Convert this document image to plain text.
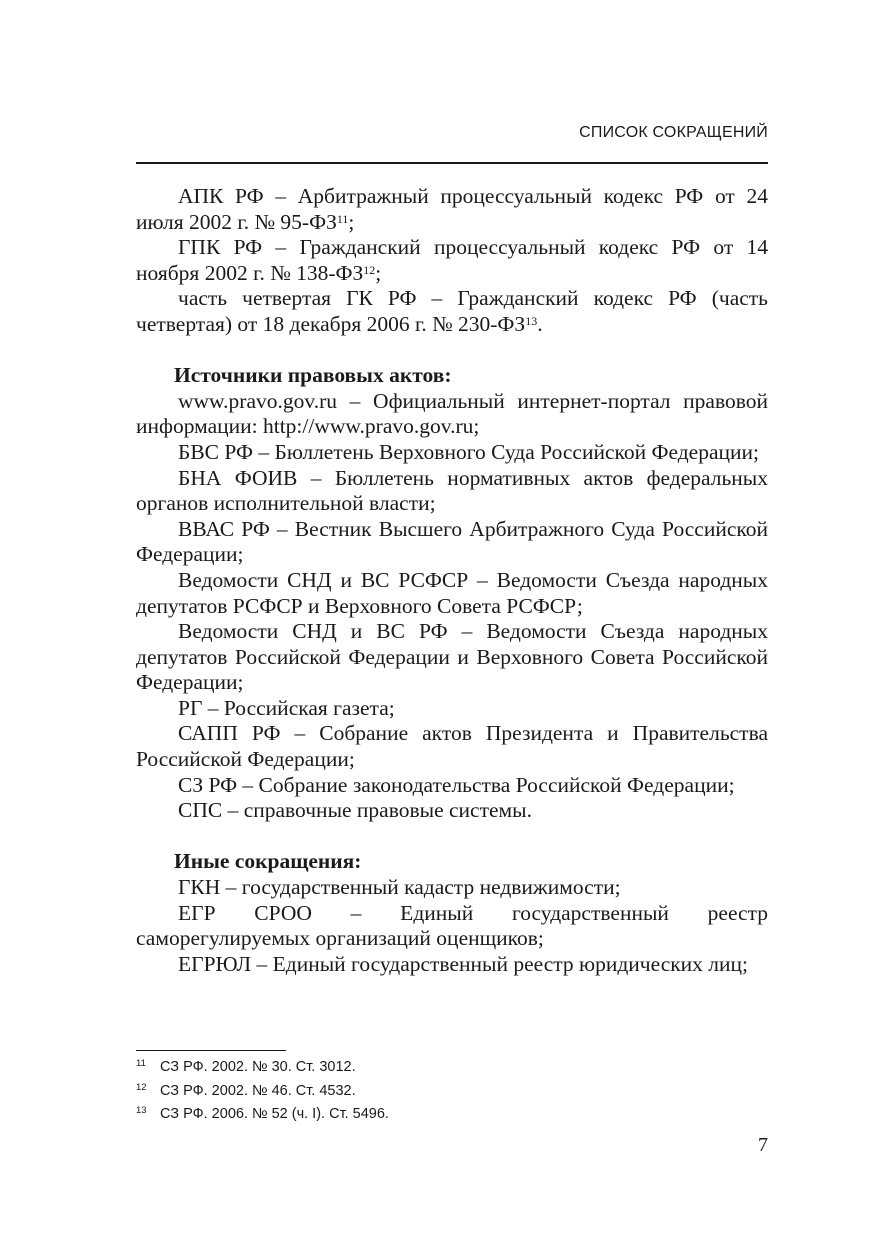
СПИСОК СОКРАЩЕНИЙ

АПК РФ – Арбитражный процессуальный кодекс РФ от 24 июля 2002 г. № 95-ФЗ$^{11}$;

ГПК РФ – Гражданский процессуальный кодекс РФ от 14 ноября 2002 г. № 138-ФЗ$^{12}$;

часть четвертая ГК РФ – Гражданский кодекс РФ (часть четвертая) от 18 декабря 2006 г. № 230-ФЗ$^{13}$.

Источники правовых актов:

www.pravo.gov.ru – Официальный интернет-портал правовой информации: http://www.pravo.gov.ru;

БВС РФ – Бюллетень Верховного Суда Российской Федерации;

БНА ФОИВ – Бюллетень нормативных актов федеральных органов исполнительной власти;

ВВАС РФ – Вестник Высшего Арбитражного Суда Российской Федерации;

Ведомости СНД и ВС РСФСР – Ведомости Съезда народных депутатов РСФСР и Верховного Совета РСФСР;

Ведомости СНД и ВС РФ – Ведомости Съезда народных депутатов Российской Федерации и Верховного Совета Российской Федерации;

РГ – Российская газета;

САПП РФ – Собрание актов Президента и Правительства Российской Федерации;

СЗ РФ – Собрание законодательства Российской Федерации;

СПС – справочные правовые системы.

Иные сокращения:

ГКН – государственный кадастр недвижимости;

ЕГР СРОО – Единый государственный реестр саморегулируемых организаций оценщиков;

ЕГРЮЛ – Единый государственный реестр юридических лиц;

11 СЗ РФ. 2002. № 30. Ст. 3012.
12 СЗ РФ. 2002. № 46. Ст. 4532.
13 СЗ РФ. 2006. № 52 (ч. I). Ст. 5496.
7
